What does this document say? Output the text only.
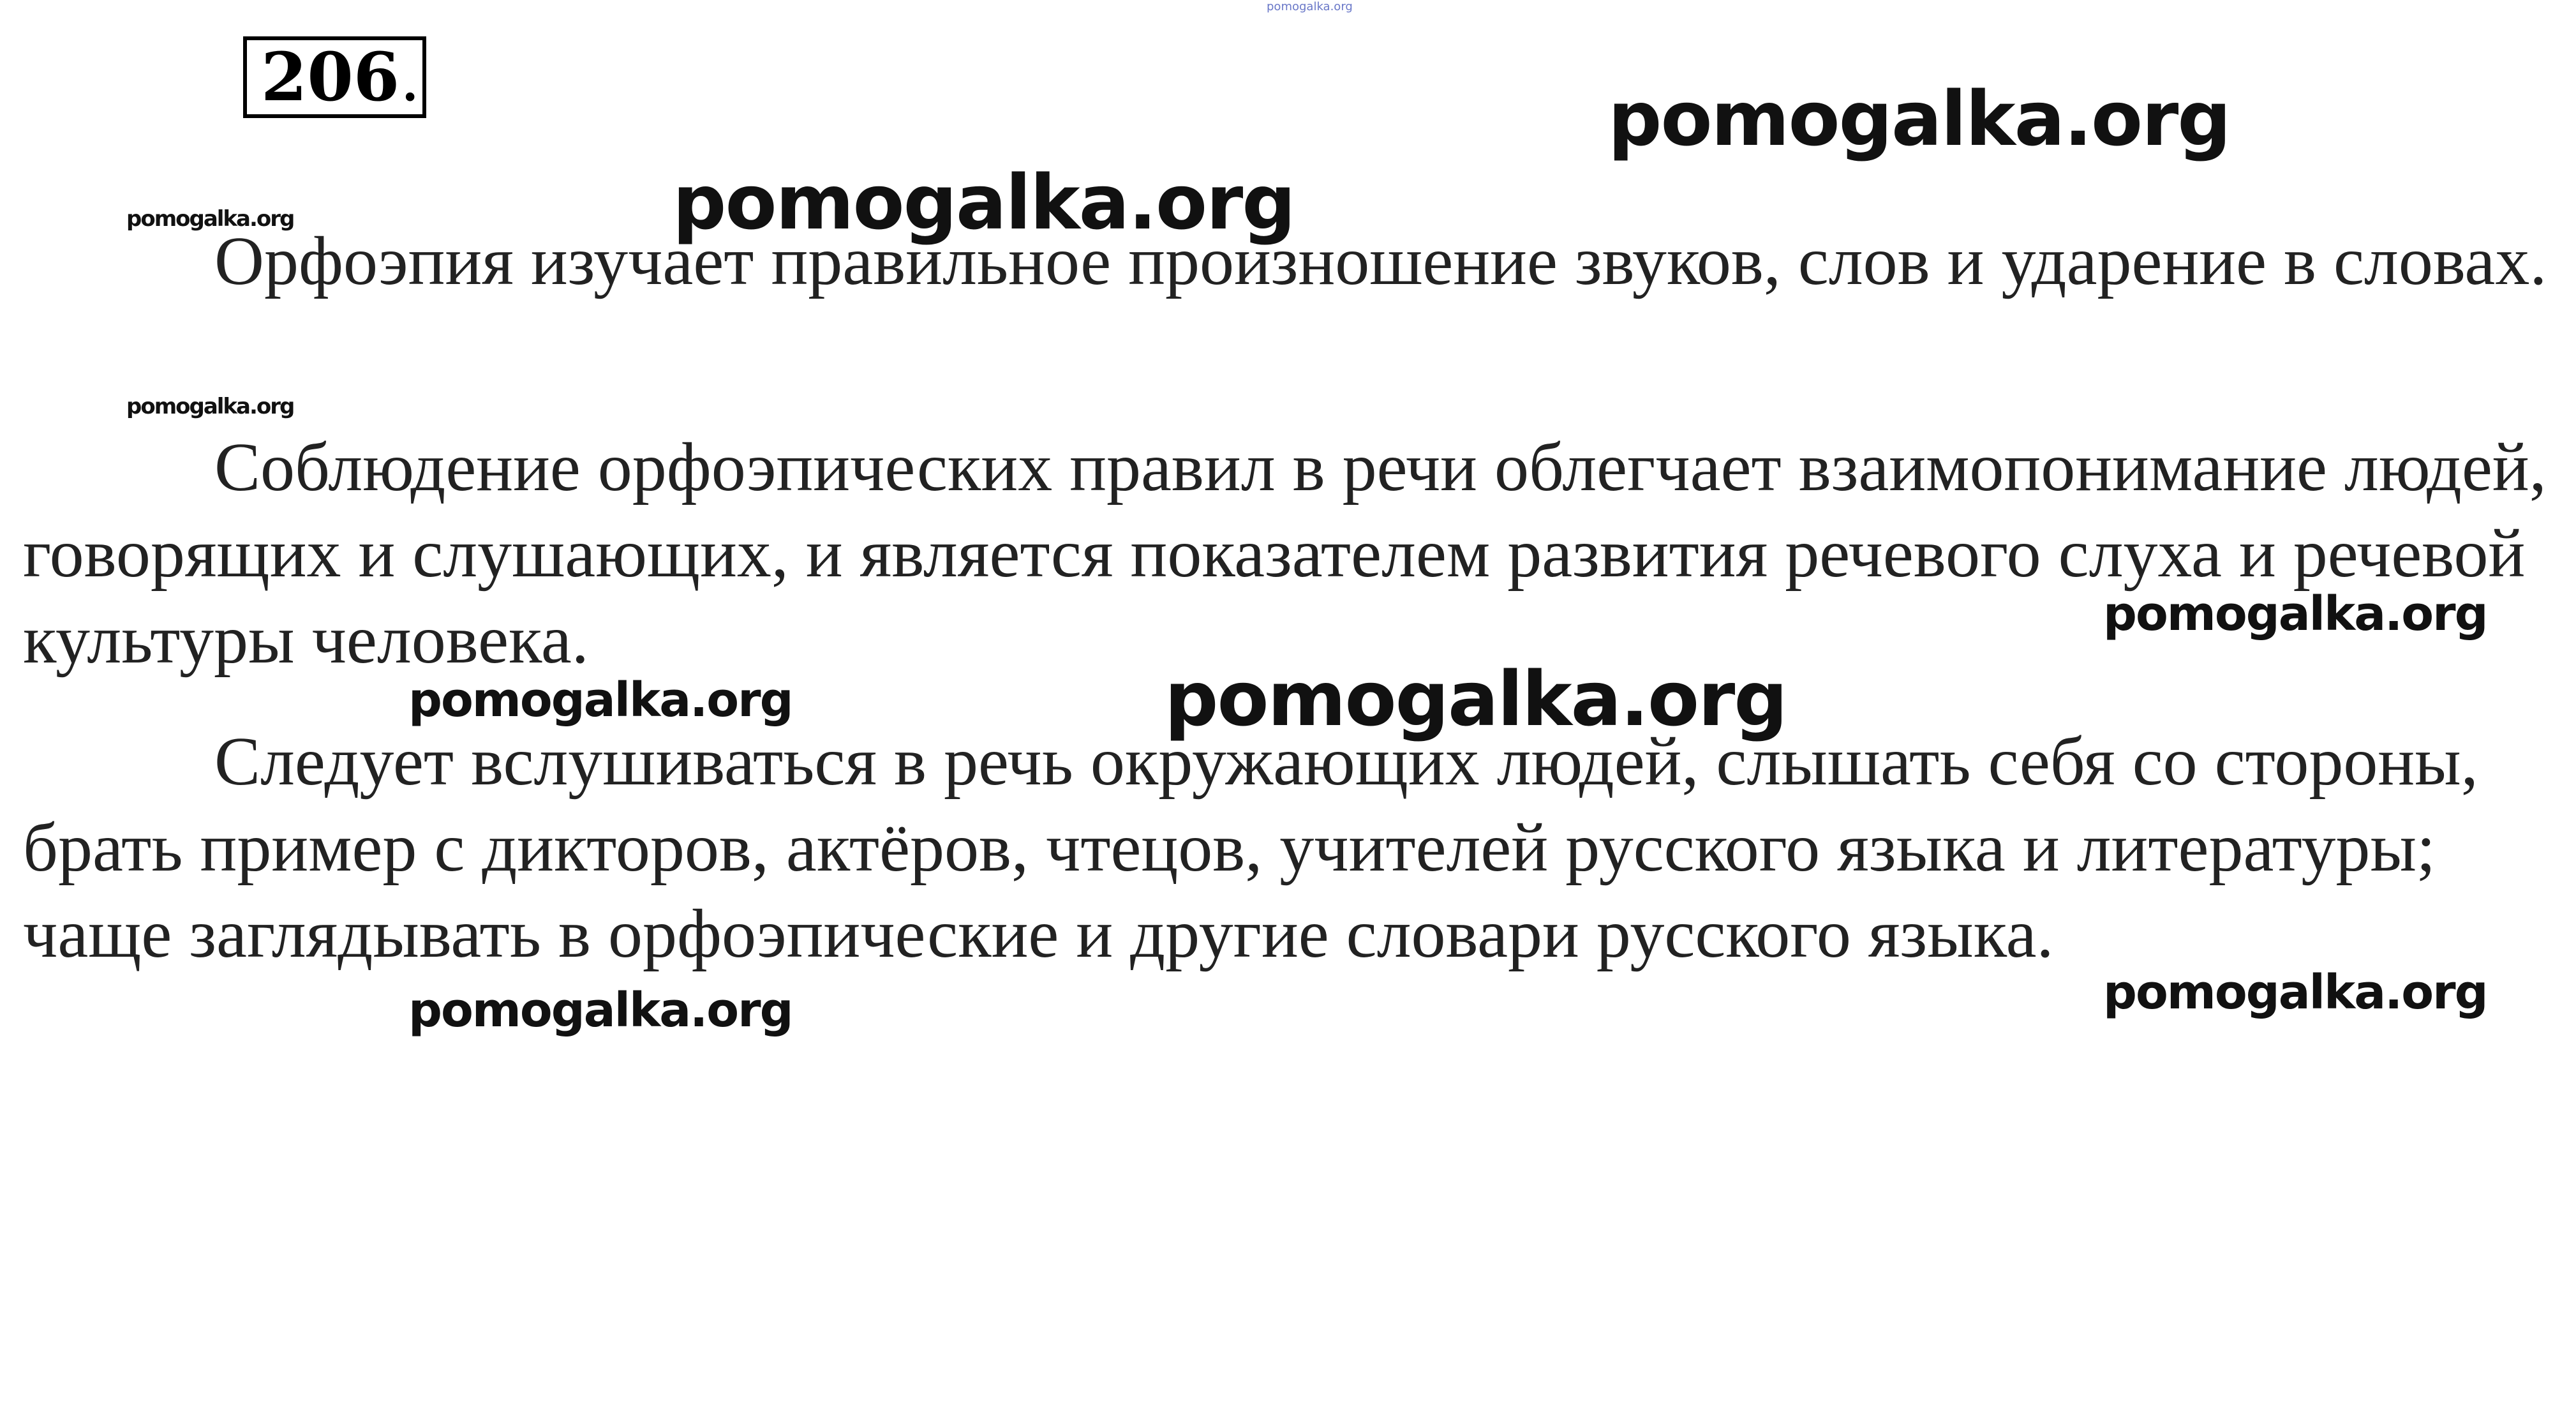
pomogalka.org
206 .

Орфоэпия изучает правильное произношение звуков, слов и ударение в словах.

Соблюдение орфоэпических правил в речи облегчает взаимопонимание людей, говорящих и слушающих, и является показателем развития речевого слуха и речевой культуры человека.

Следует вслушиваться в речь окружающих людей, слышать себя со стороны, брать пример с дикторов, актёров, чтецов, учителей русского языка и литературы; чаще заглядывать в орфоэпические и другие словари русского языка.

pomogalka.org
pomogalka.org
pomogalka.org
pomogalka.org
pomogalka.org
pomogalka.org
pomogalka.org
pomogalka.org	pomogalka.org
